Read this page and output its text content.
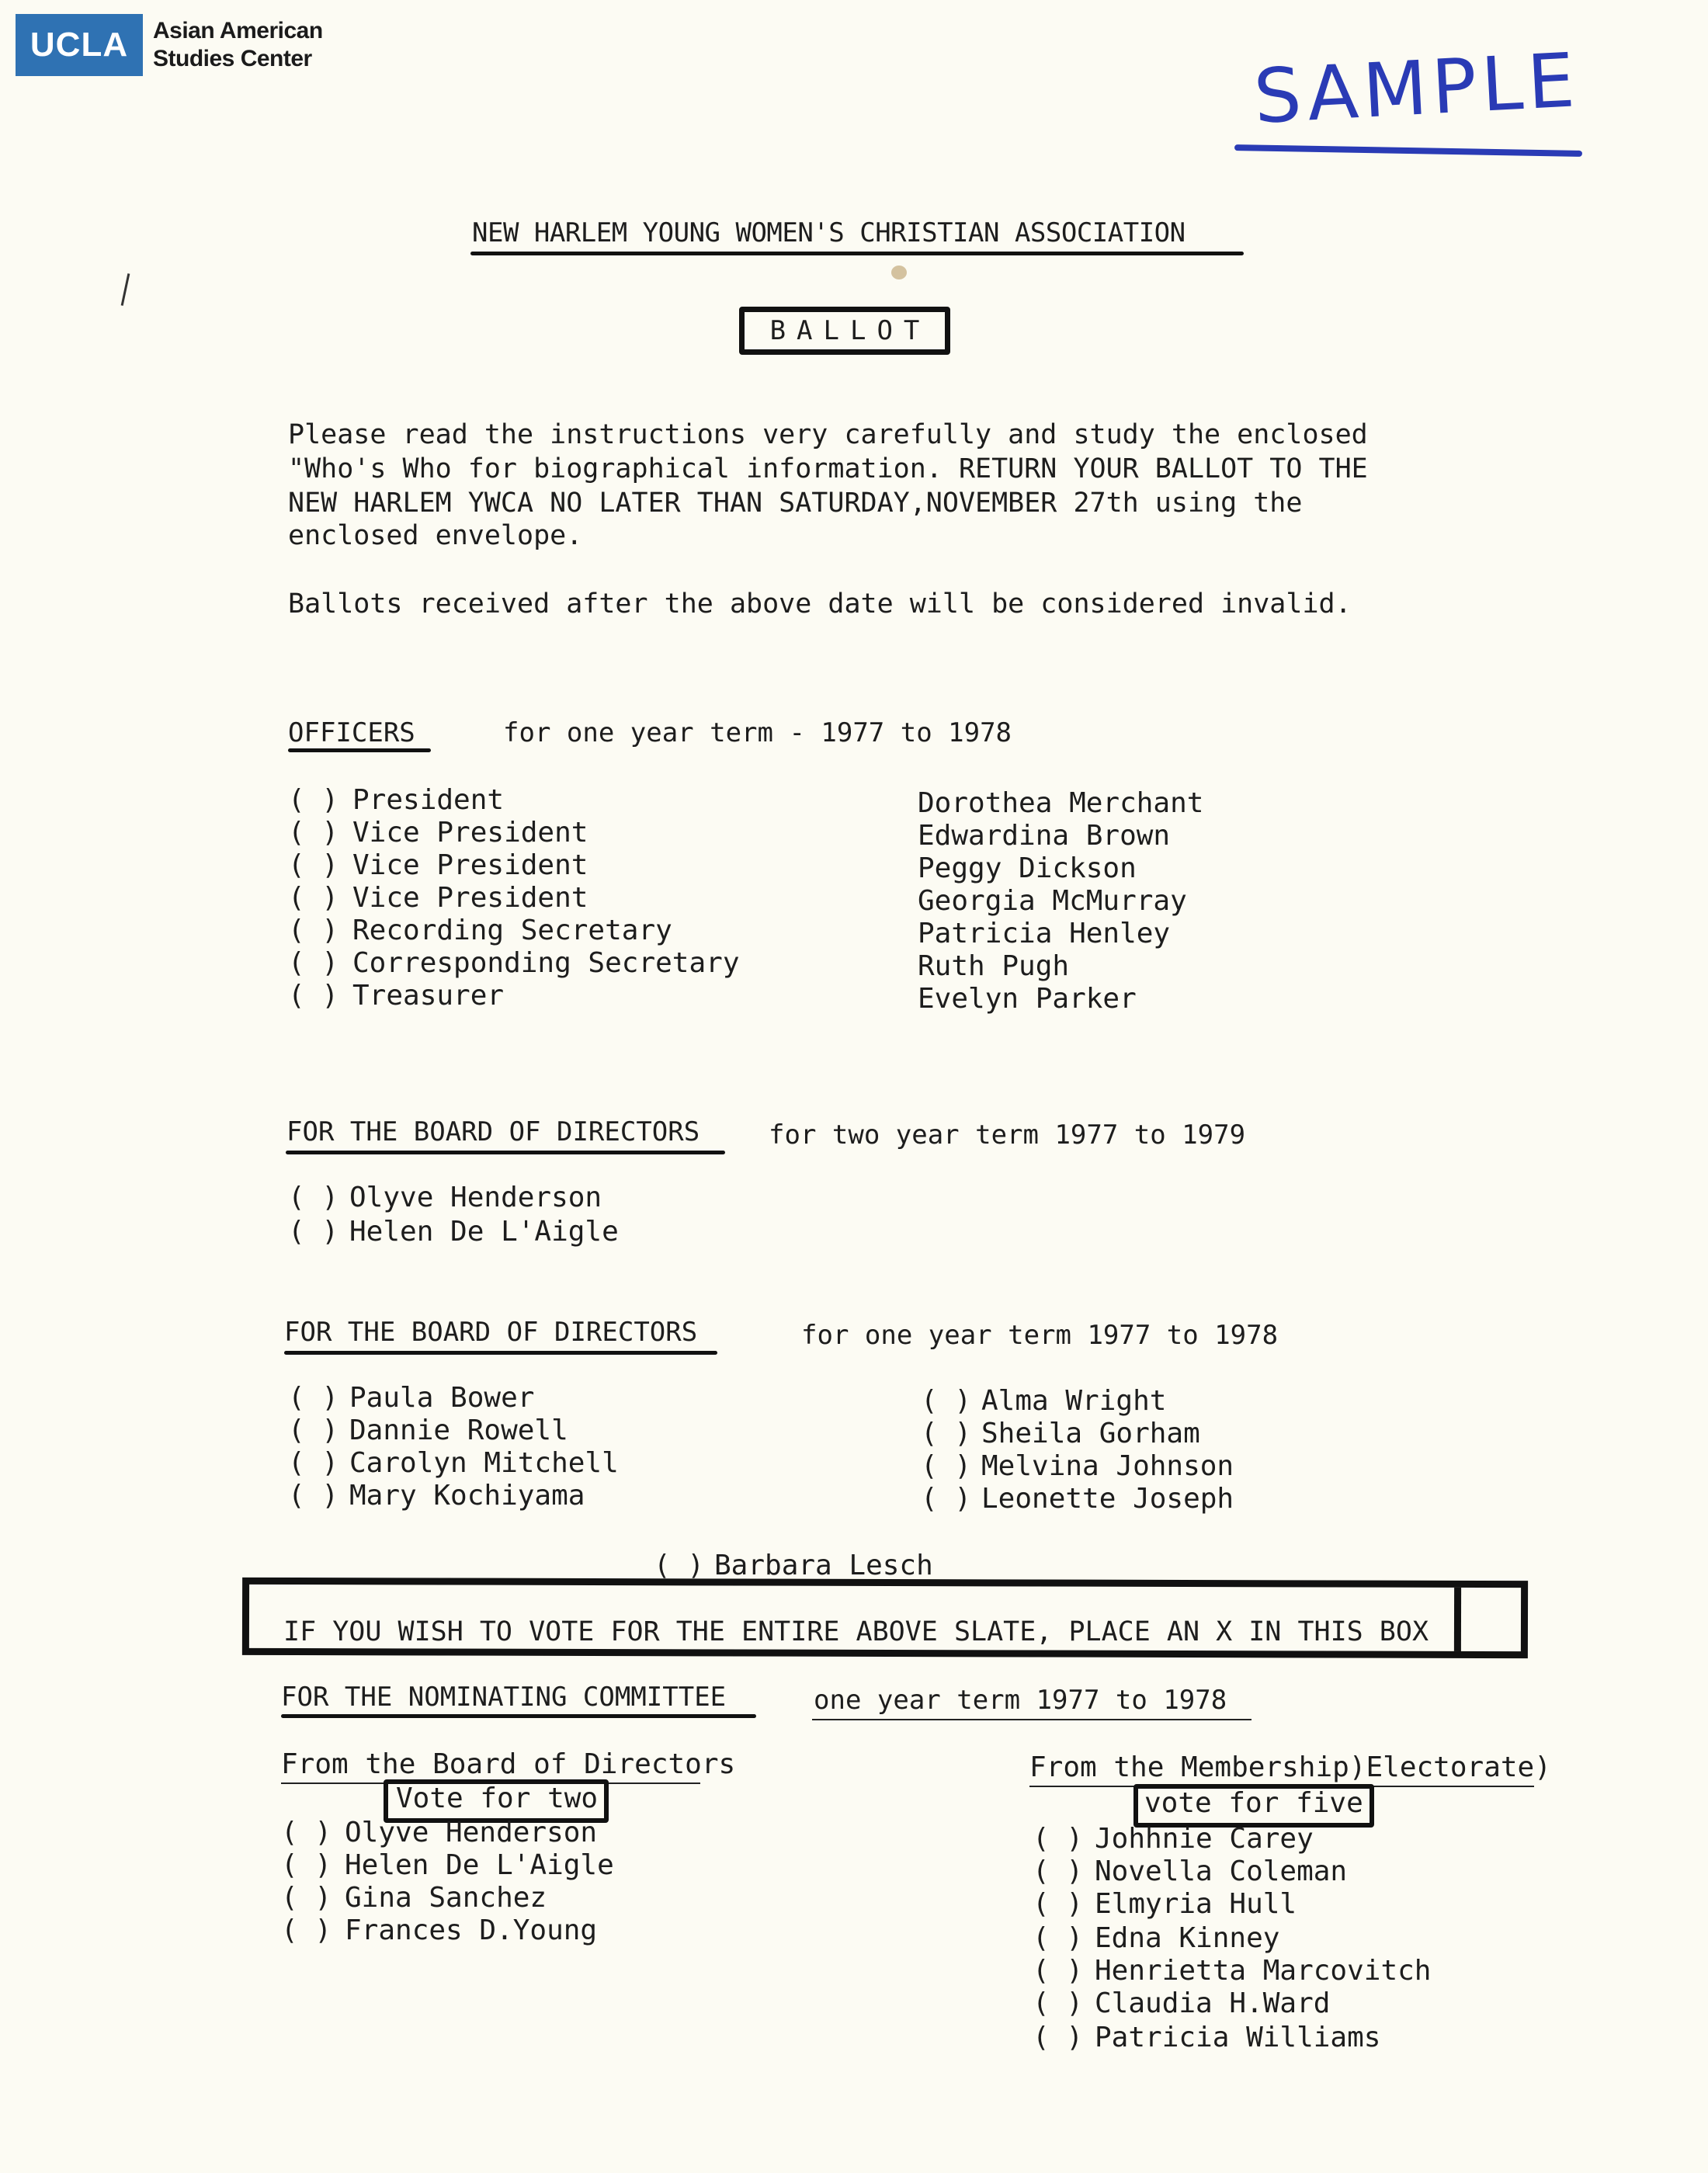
UCLA	Asian American
Studies Center	SAMPLE
NEW HARLEM YOUNG WOMEN'S CHRISTIAN ASSOCIATION
BALLOT
Please read the instructions very carefully and study the enclosed
"Who's Who for biographical information. RETURN YOUR BALLOT TO THE
NEW HARLEM YWCA NO LATER THAN SATURDAY,NOVEMBER 27th using the
enclosed envelope.
Ballots received after the above date will be considered invalid.
OFFICERS	for one year term - 1977 to 1978
( ) President	Dorothea Merchant
( ) Vice President	Edwardina Brown
( ) Vice President	Peggy Dickson
( ) Vice President	Georgia McMurray
( ) Recording Secretary	Patricia Henley
( ) Corresponding Secretary	Ruth Pugh
( ) Treasurer	Evelyn Parker
FOR THE BOARD OF DIRECTORS	for two year term 1977 to 1979
( ) Olyve Henderson
( ) Helen De L'Aigle
FOR THE BOARD OF DIRECTORS	for one year term 1977 to 1978
( ) Paula Bower
( ) Dannie Rowell
( ) Carolyn Mitchell
( ) Mary Kochiyama
( ) Alma Wright
( ) Sheila Gorham
( ) Melvina Johnson
( ) Leonette Joseph
( ) Barbara Lesch
IF YOU WISH TO VOTE FOR THE ENTIRE ABOVE SLATE, PLACE AN X IN THIS BOX
FOR THE NOMINATING COMMITTEE	one year term 1977 to 1978
From the Board of Directors
Vote for two
( ) Olyve Henderson
( ) Helen De L'Aigle
( ) Gina Sanchez
( ) Frances D.Young
From the Membership)Electorate)
vote for five
( ) Johhnie Carey
( ) Novella Coleman
( ) Elmyria Hull
( ) Edna Kinney
( ) Henrietta Marcovitch
( ) Claudia H.Ward
( ) Patricia Williams
